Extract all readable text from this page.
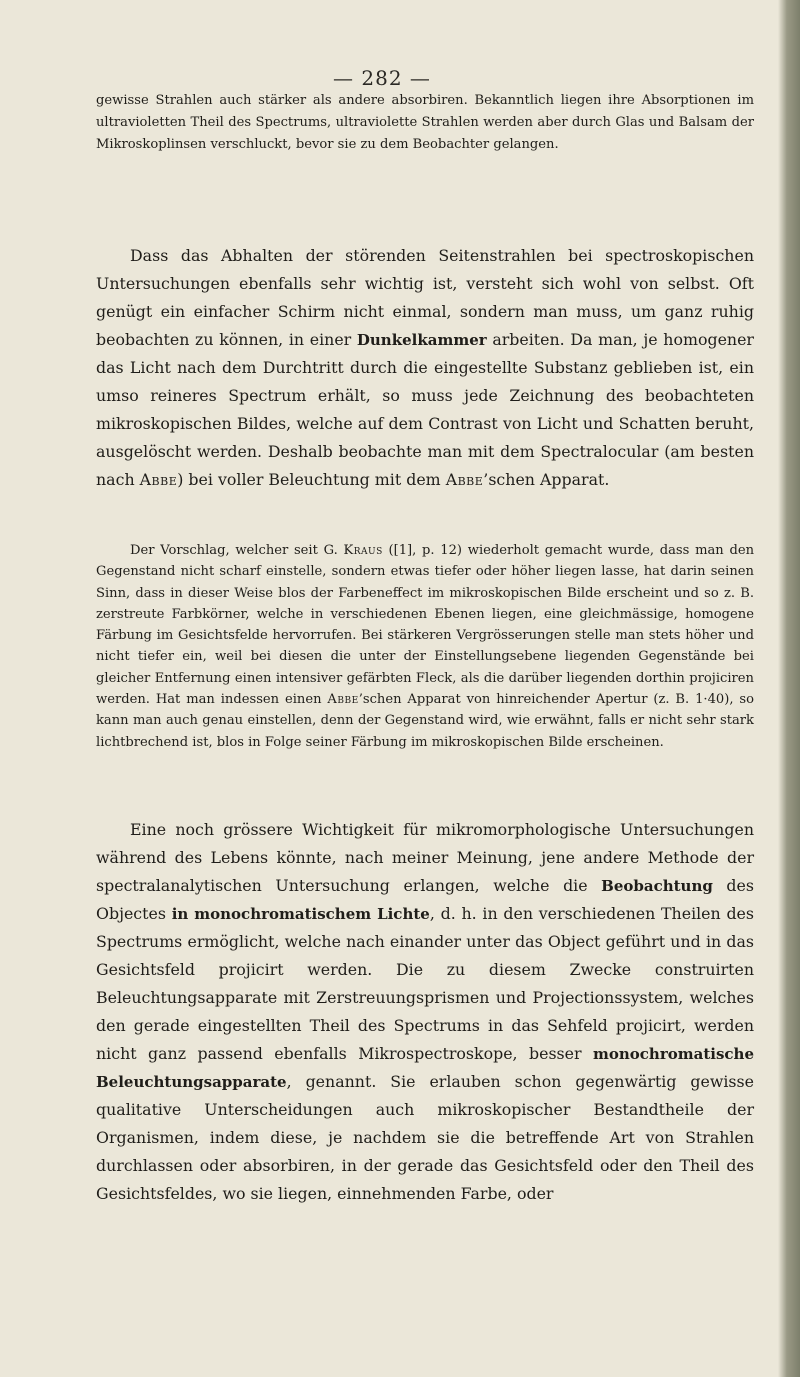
— 282 —

gewisse Strahlen auch stärker als andere absorbiren. Bekanntlich liegen ihre Absorptionen im ultravioletten Theil des Spectrums, ultraviolette Strahlen werden aber durch Glas und Balsam der Mikroskoplinsen verschluckt, bevor sie zu dem Beobachter gelangen.

Dass das Abhalten der störenden Seitenstrahlen bei spectroskopischen Untersuchungen ebenfalls sehr wichtig ist, versteht sich wohl von selbst. Oft genügt ein einfacher Schirm nicht einmal, sondern man muss, um ganz ruhig beobachten zu können, in einer Dunkelkammer arbeiten. Da man, je homogener das Licht nach dem Durchtritt durch die eingestellte Substanz geblieben ist, ein umso reineres Spectrum erhält, so muss jede Zeichnung des beobachteten mikroskopischen Bildes, welche auf dem Contrast von Licht und Schatten beruht, ausgelöscht werden. Deshalb beobachte man mit dem Spectralocular (am besten nach Abbe) bei voller Beleuchtung mit dem Abbe’schen Apparat.

Der Vorschlag, welcher seit G. Kraus ([1], p. 12) wiederholt gemacht wurde, dass man den Gegenstand nicht scharf einstelle, sondern etwas tiefer oder höher liegen lasse, hat darin seinen Sinn, dass in dieser Weise blos der Farbeneffect im mikroskopischen Bilde erscheint und so z. B. zerstreute Farbkörner, welche in verschiedenen Ebenen liegen, eine gleichmässige, homogene Färbung im Gesichtsfelde hervorrufen. Bei stärkeren Vergrösserungen stelle man stets höher und nicht tiefer ein, weil bei diesen die unter der Einstellungsebene liegenden Gegenstände bei gleicher Entfernung einen intensiver gefärbten Fleck, als die darüber liegenden dorthin projiciren werden. Hat man indessen einen Abbe’schen Apparat von hinreichender Apertur (z. B. 1·40), so kann man auch genau einstellen, denn der Gegenstand wird, wie erwähnt, falls er nicht sehr stark lichtbrechend ist, blos in Folge seiner Färbung im mikroskopischen Bilde erscheinen.

Eine noch grössere Wichtigkeit für mikromorphologische Untersuchungen während des Lebens könnte, nach meiner Meinung, jene andere Methode der spectralanalytischen Untersuchung erlangen, welche die Beobachtung des Objectes in monochromatischem Lichte, d. h. in den verschiedenen Theilen des Spectrums ermöglicht, welche nach einander unter das Object geführt und in das Gesichtsfeld projicirt werden. Die zu diesem Zwecke construirten Beleuchtungsapparate mit Zerstreuungsprismen und Projectionssystem, welches den gerade eingestellten Theil des Spectrums in das Sehfeld projicirt, werden nicht ganz passend ebenfalls Mikrospectroskope, besser monochromatische Beleuchtungsapparate, genannt. Sie erlauben schon gegenwärtig gewisse qualitative Unterscheidungen auch mikroskopischer Bestandtheile der Organismen, indem diese, je nachdem sie die betreffende Art von Strahlen durchlassen oder absorbiren, in der gerade das Gesichtsfeld oder den Theil des Gesichtsfeldes, wo sie liegen, einnehmenden Farbe, oder
